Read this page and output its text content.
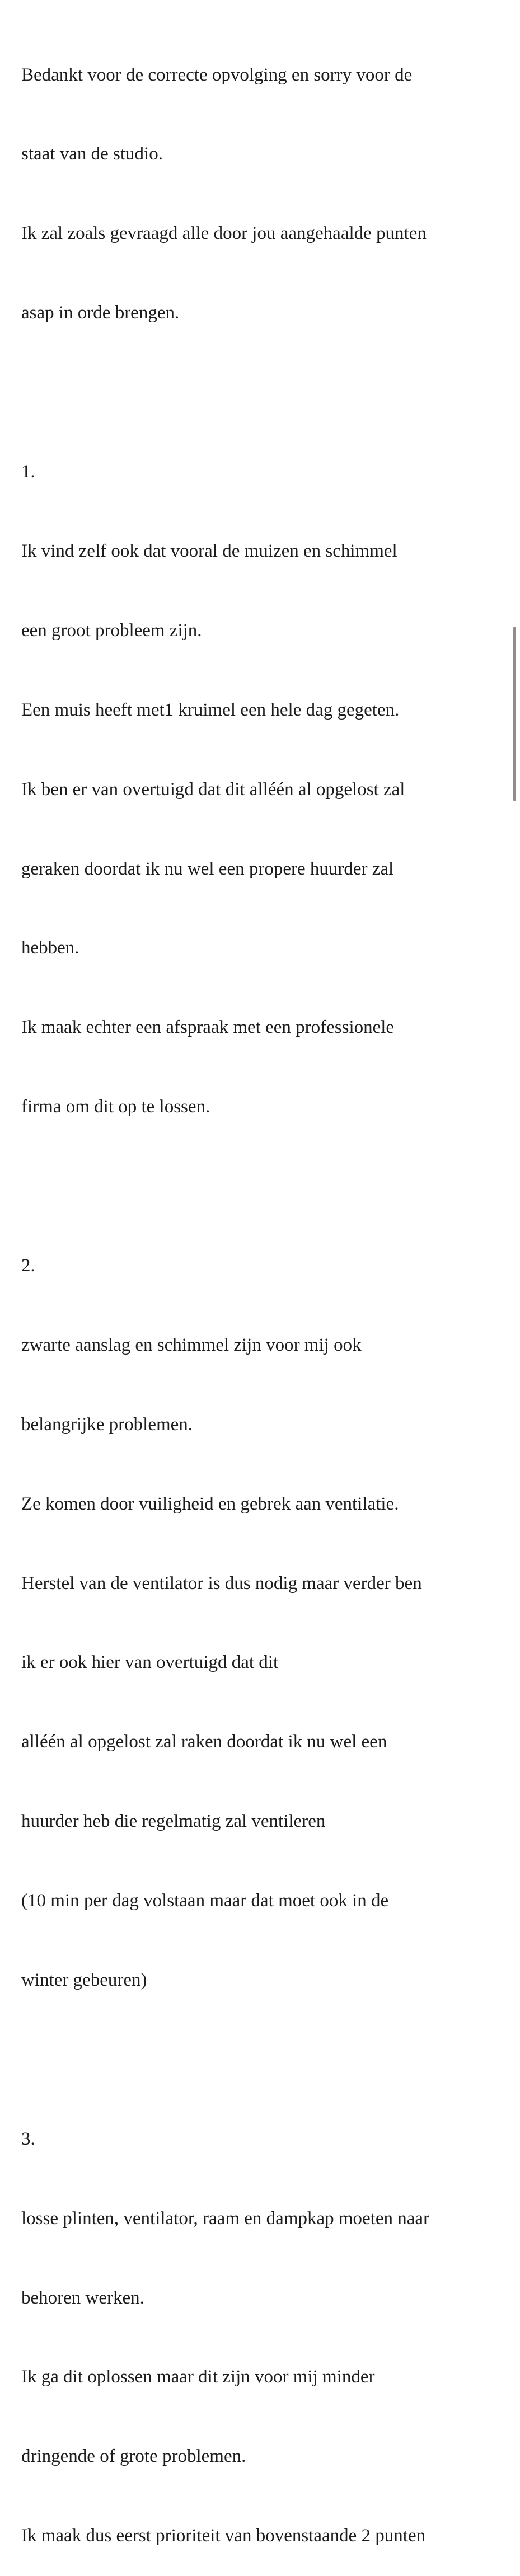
Bedankt voor de correcte opvolging en sorry voor de

staat van de studio.

Ik zal zoals gevraagd alle door jou aangehaalde punten

asap in orde brengen.

1.

Ik vind zelf ook dat vooral de muizen en schimmel

een groot probleem zijn.

Een muis heeft met1 kruimel een hele dag gegeten.

Ik ben er van overtuigd dat dit alléén al opgelost zal

geraken doordat ik nu wel een propere huurder zal

hebben.

Ik maak echter een afspraak met een professionele

firma om dit op te lossen.

2.

zwarte aanslag en schimmel zijn voor mij ook

belangrijke problemen.

Ze komen door vuiligheid en gebrek aan ventilatie.

Herstel van de ventilator is dus nodig maar verder ben

ik er ook hier van overtuigd dat dit

alléén al opgelost zal raken doordat ik nu wel een

huurder heb die regelmatig zal ventileren

(10 min per dag volstaan maar dat moet ook in de

winter gebeuren)

3.

losse plinten, ventilator, raam en dampkap moeten naar

behoren werken.

Ik ga dit oplossen maar dit zijn voor mij minder

dringende of grote problemen.

Ik maak dus eerst prioriteit van bovenstaande 2 punten
